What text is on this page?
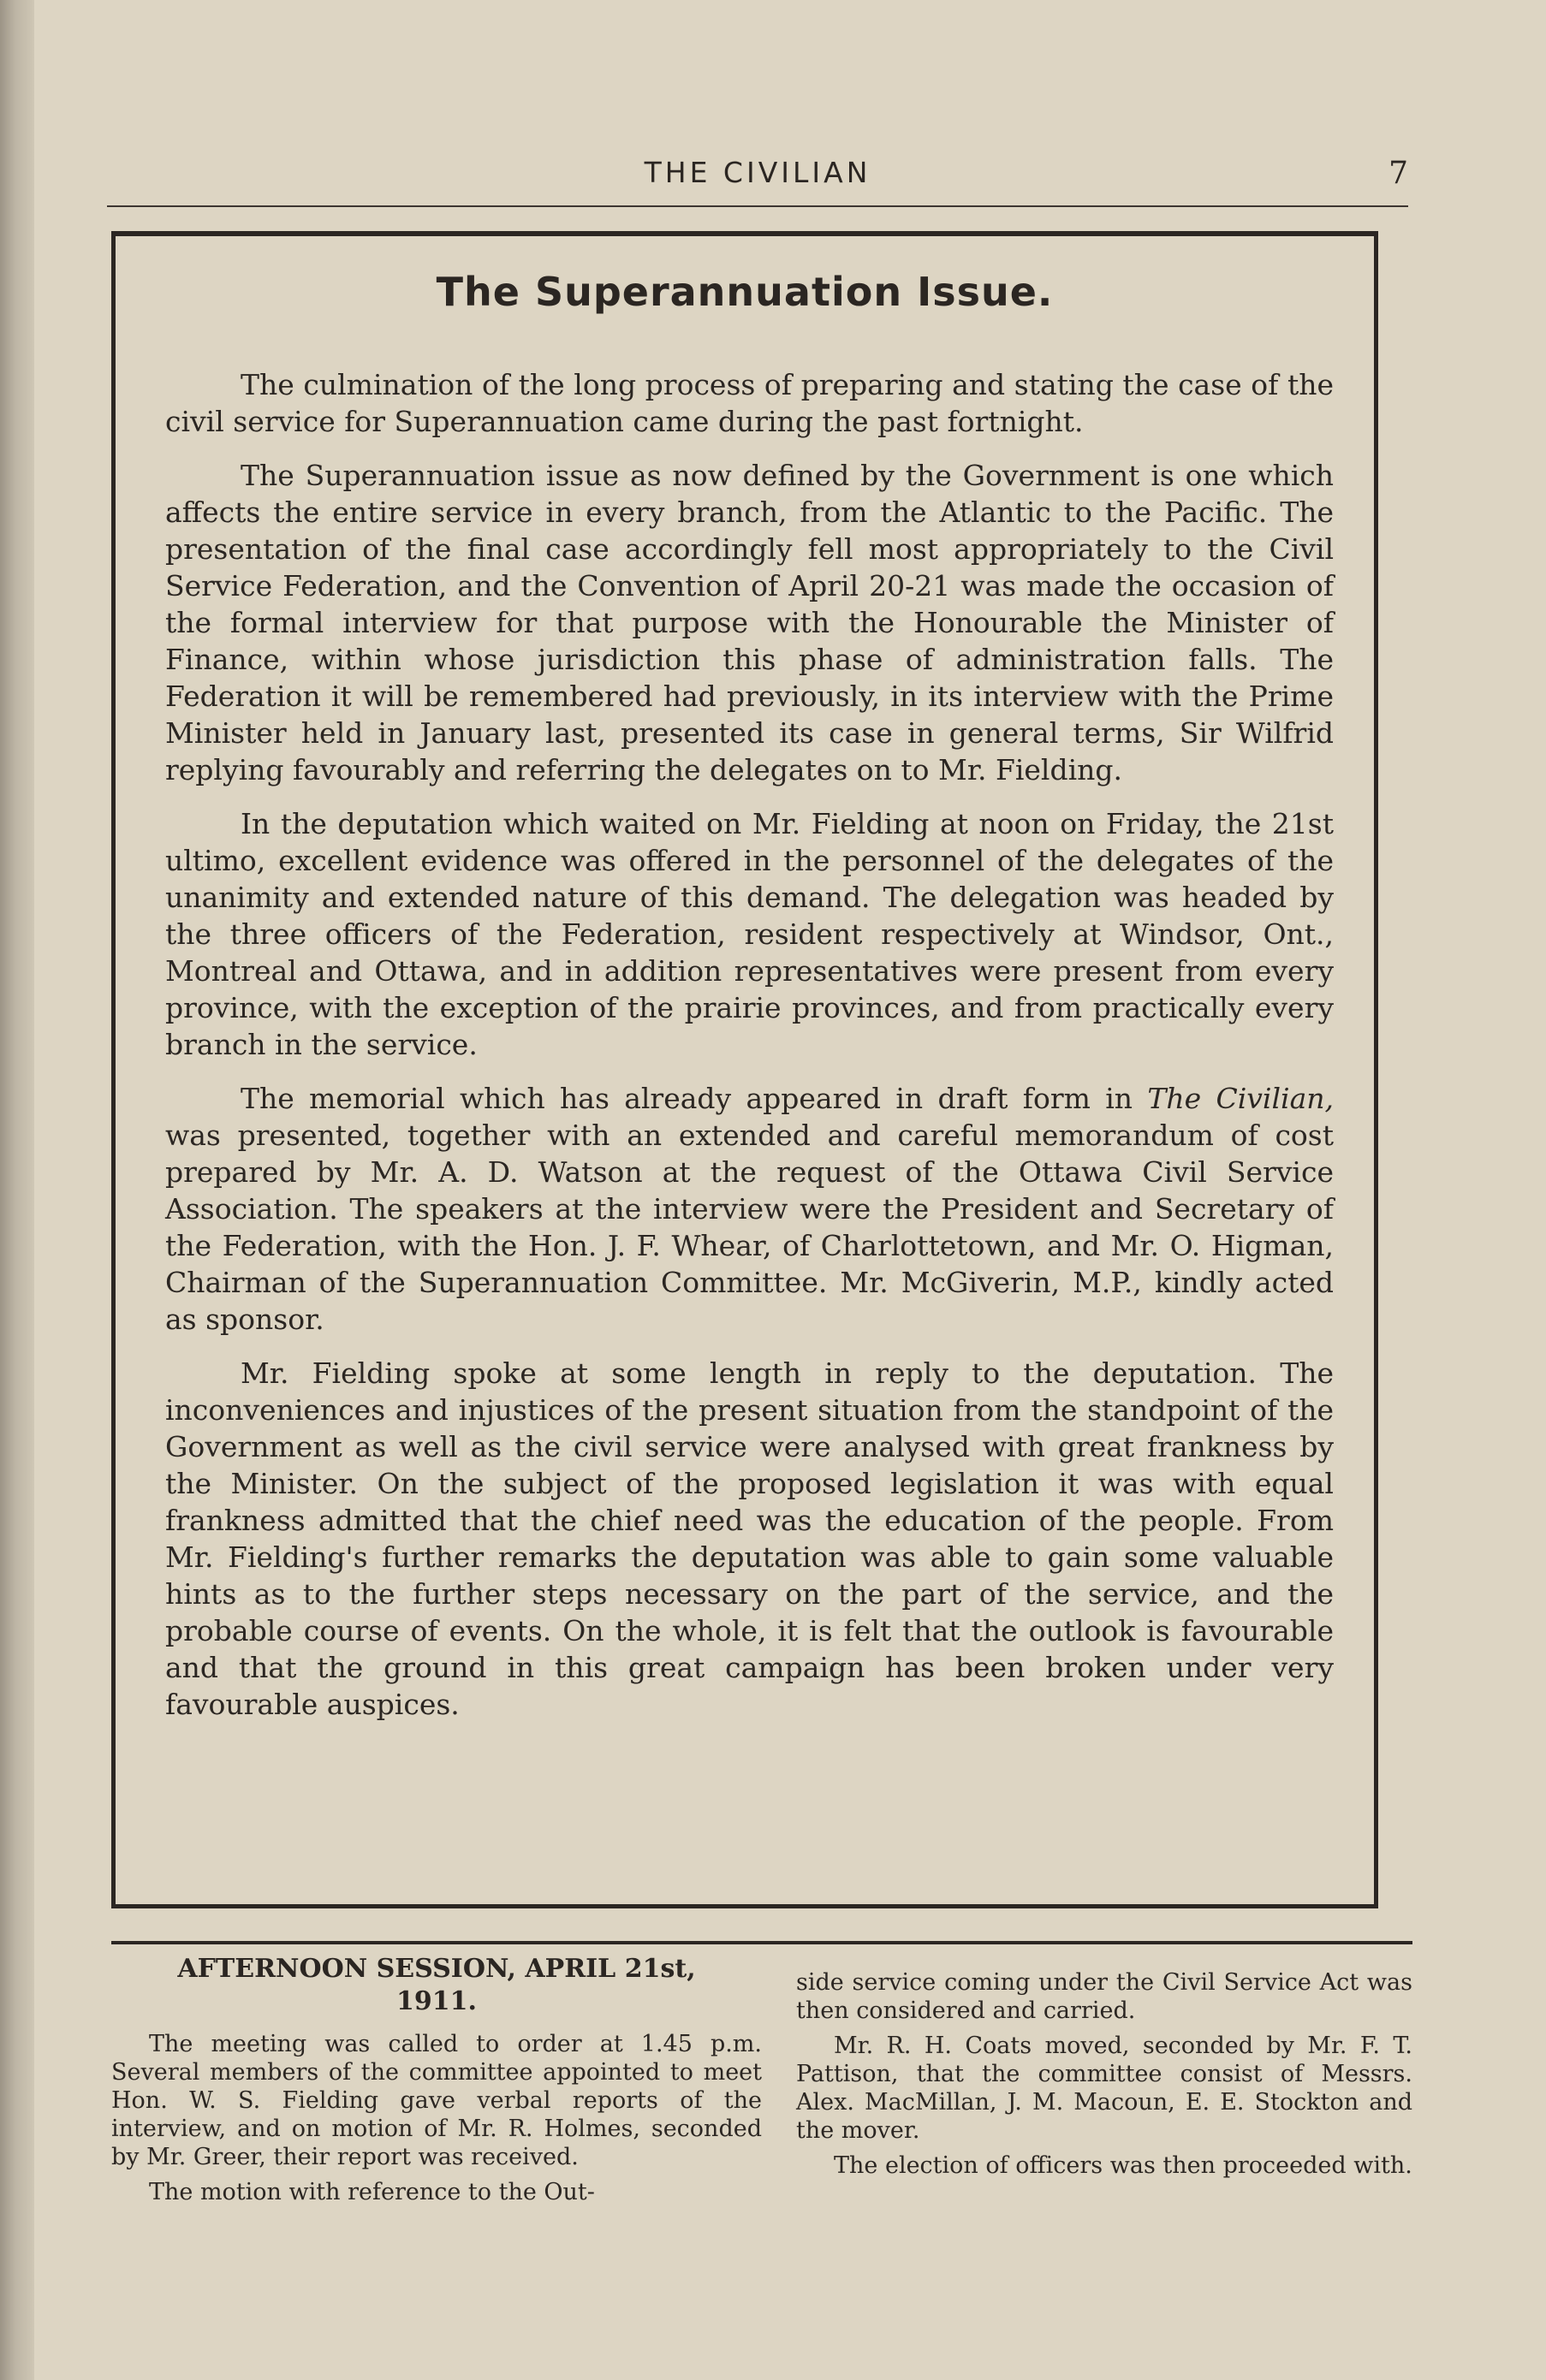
THE CIVILIAN	7
The Superannuation Issue.

The culmination of the long process of preparing and stating the case of the civil service for Superannuation came during the past fortnight.

The Superannuation issue as now defined by the Government is one which affects the entire service in every branch, from the Atlantic to the Pacific. The presentation of the final case accordingly fell most appropriately to the Civil Service Federation, and the Convention of April 20-21 was made the occasion of the formal interview for that purpose with the Honourable the Minister of Finance, within whose jurisdiction this phase of administration falls. The Federation it will be remembered had previously, in its interview with the Prime Minister held in January last, presented its case in general terms, Sir Wilfrid replying favourably and referring the delegates on to Mr. Fielding.

In the deputation which waited on Mr. Fielding at noon on Friday, the 21st ultimo, excellent evidence was offered in the personnel of the delegates of the unanimity and extended nature of this demand. The delegation was headed by the three officers of the Federation, resident respectively at Windsor, Ont., Montreal and Ottawa, and in addition representatives were present from every province, with the exception of the prairie provinces, and from practically every branch in the service.

The memorial which has already appeared in draft form in The Civilian, was presented, together with an extended and careful memorandum of cost prepared by Mr. A. D. Watson at the request of the Ottawa Civil Service Association. The speakers at the interview were the President and Secretary of the Federation, with the Hon. J. F. Whear, of Charlottetown, and Mr. O. Higman, Chairman of the Superannuation Committee. Mr. McGiverin, M.P., kindly acted as sponsor.

Mr. Fielding spoke at some length in reply to the deputation. The inconveniences and injustices of the present situation from the standpoint of the Government as well as the civil service were analysed with great frankness by the Minister. On the subject of the proposed legislation it was with equal frankness admitted that the chief need was the education of the people. From Mr. Fielding's further remarks the deputation was able to gain some valuable hints as to the further steps necessary on the part of the service, and the probable course of events. On the whole, it is felt that the outlook is favourable and that the ground in this great campaign has been broken under very favourable auspices.

AFTERNOON SESSION, APRIL 21st,
1911.

The meeting was called to order at 1.45 p.m. Several members of the committee appointed to meet Hon. W. S. Fielding gave verbal reports of the interview, and on motion of Mr. R. Holmes, seconded by Mr. Greer, their report was received.

The motion with reference to the Out-

side service coming under the Civil Service Act was then considered and carried.

Mr. R. H. Coats moved, seconded by Mr. F. T. Pattison, that the committee consist of Messrs. Alex. MacMillan, J. M. Macoun, E. E. Stockton and the mover.

The election of officers was then proceeded with.
